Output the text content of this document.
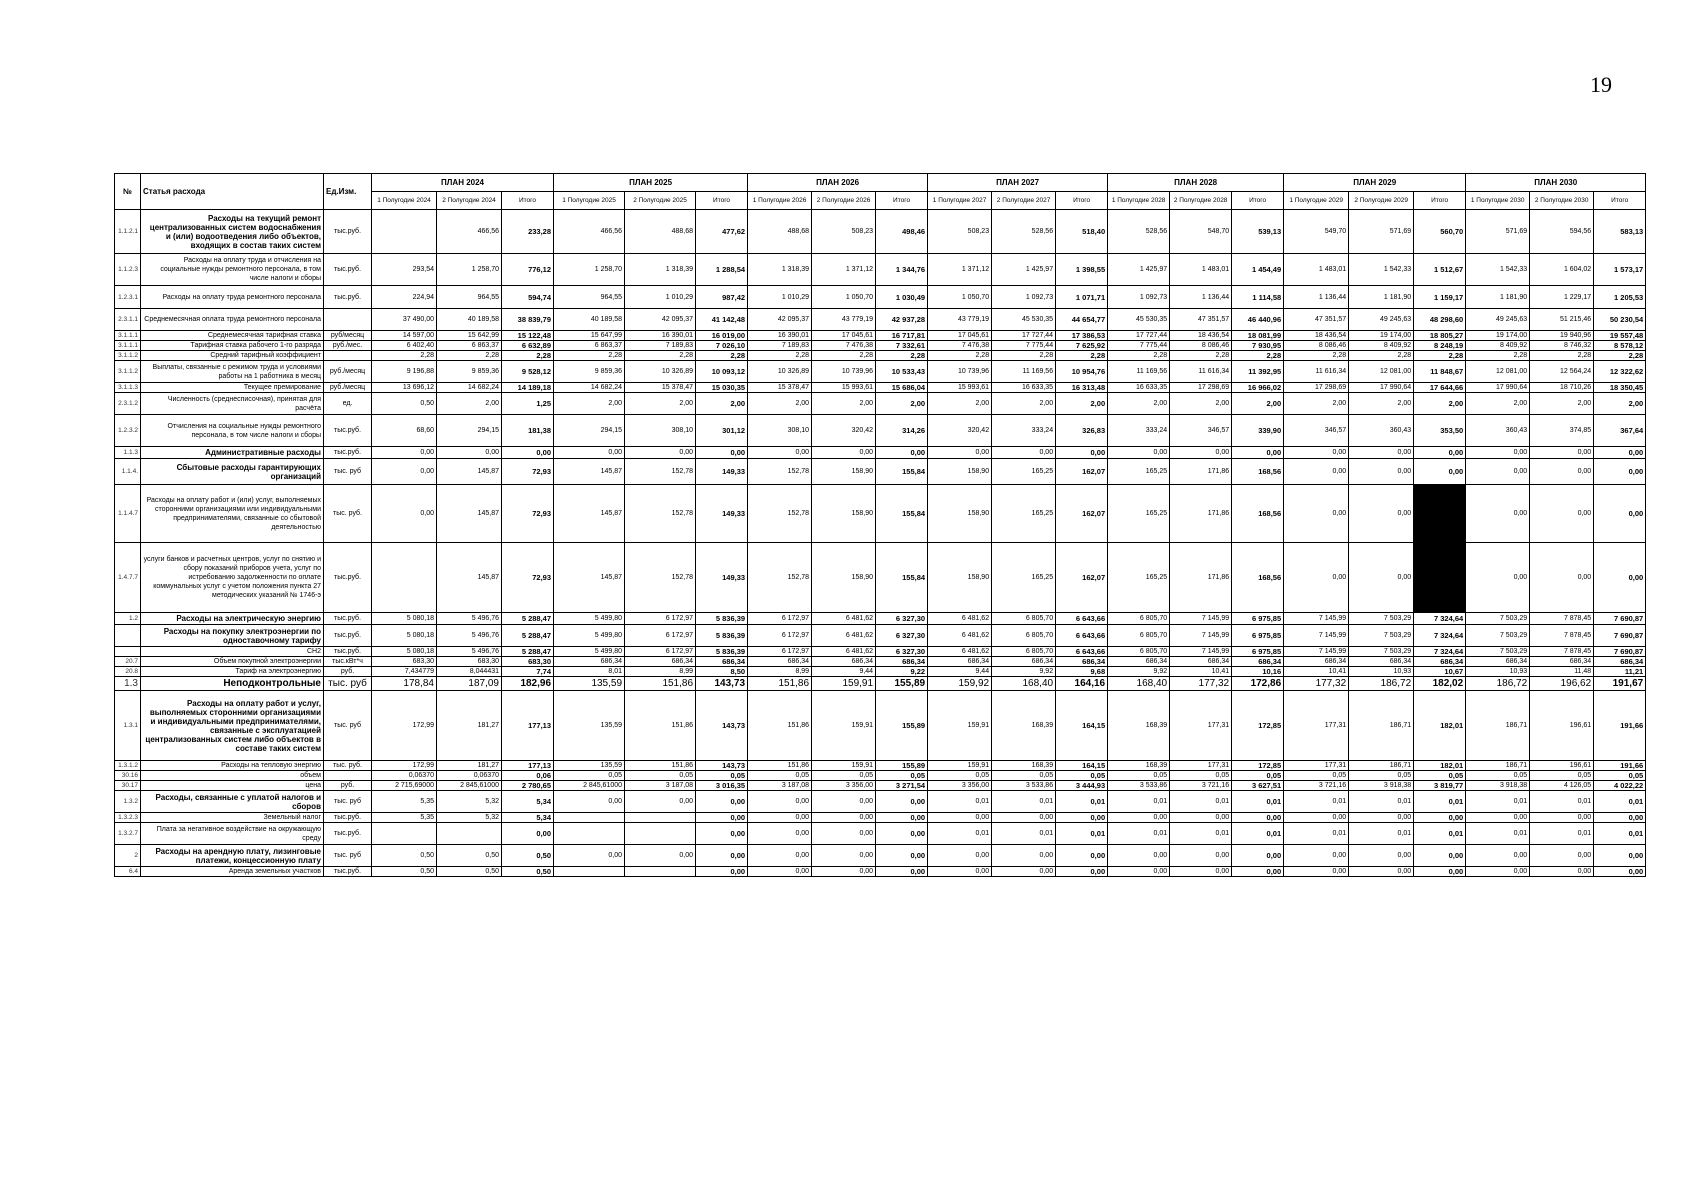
19
№	Статья расхода	Ед.Изм.	ПЛАН 2024			ПЛАН 2025			ПЛАН 2026			ПЛАН 2027			ПЛАН 2028			ПЛАН 2029			ПЛАН 2030		
			1 Полугодие 2024	2 Полугодие 2024	Итого	1 Полугодие 2025	2 Полугодие 2025	Итого	1 Полугодие 2026	2 Полугодие 2026	Итого	1 Полугодие 2027	2 Полугодие 2027	Итого	1 Полугодие 2028	2 Полугодие 2028	Итого	1 Полугодие 2029	2 Полугодие 2029	Итого	1 Полугодие 2030	2 Полугодие 2030	Итого
1.1.2.1	Расходы на текущий ремонт централизованных систем водоснабжения и (или) водоотведения либо объектов, входящих в состав таких систем	тыс.руб.		466,56	233,28	466,56	488,68	477,62	488,68	508,23	498,46	508,23	528,56	518,40	528,56	548,70	539,13	549,70	571,69	560,70	571,69	594,56	583,13
1.1.2.3	Расходы на оплату труда и отчисления на социальные нужды ремонтного персонала, в том числе налоги и сборы	тыс.руб.	293,54	1 258,70	776,12	1 258,70	1 318,39	1 288,54	1 318,39	1 371,12	1 344,76	1 371,12	1 425,97	1 398,55	1 425,97	1 483,01	1 454,49	1 483,01	1 542,33	1 512,67	1 542,33	1 604,02	1 573,17
1.2.3.1	Расходы на оплату труда ремонтного персонала	тыс.руб.	224,94	964,55	594,74	964,55	1 010,29	987,42	1 010,29	1 050,70	1 030,49	1 050,70	1 092,73	1 071,71	1 092,73	1 136,44	1 114,58	1 136,44	1 181,90	1 159,17	1 181,90	1 229,17	1 205,53
2.3.1.1	Среднемесячная оплата труда ремонтного персонала		37 490,00	40 189,58	38 839,79	40 189,58	42 095,37	41 142,48	42 095,37	43 779,19	42 937,28	43 779,19	45 530,35	44 654,77	45 530,35	47 351,57	46 440,96	47 351,57	49 245,63	48 298,60	49 245,63	51 215,46	50 230,54
3.1.1.1	Среднемесячная тарифная ставка	руб/месяц	14 597,00	15 642,99	15 122,48	15 647,99	16 390,01	16 019,00	16 390,01	17 045,61	16 717,81	17 045,61	17 727,44	17 386,53	17 727,44	18 436,54	18 081,99	18 436,54	19 174,00	18 805,27	19 174,00	19 940,96	19 557,48
3.1.1.1	Тарифная ставка рабочего 1-го разряда	руб./мес.	6 402,40	6 863,37	6 632,89	6 863,37	7 189,83	7 026,10	7 189,83	7 476,38	7 332,61	7 476,38	7 775,44	7 625,92	7 775,44	8 086,46	7 930,95	8 086,46	8 409,92	8 248,19	8 409,92	8 746,32	8 578,12
3.1.1.2	Средний тарифный коэффициент		2,28	2,28	2,28	2,28	2,28	2,28	2,28	2,28	2,28	2,28	2,28	2,28	2,28	2,28	2,28	2,28	2,28	2,28	2,28	2,28	2,28
3.1.1.2	Выплаты, связанные с режимом труда и условиями работы на 1 работника в месяц	руб./месяц	9 196,88	9 859,36	9 528,12	9 859,36	10 326,89	10 093,12	10 326,89	10 739,96	10 533,43	10 739,96	11 169,56	10 954,76	11 169,56	11 616,34	11 392,95	11 616,34	12 081,00	11 848,67	12 081,00	12 564,24	12 322,62
3.1.1.3	Текущее премирование	руб./месяц	13 696,12	14 682,24	14 189,18	14 682,24	15 378,47	15 030,35	15 378,47	15 993,61	15 686,04	15 993,61	16 633,35	16 313,48	16 633,35	17 298,69	16 966,02	17 298,69	17 990,64	17 644,66	17 990,64	18 710,26	18 350,45
2.3.1.2	Численность (среднесписочная), принятая для расчёта	ед.	0,50	2,00	1,25	2,00	2,00	2,00	2,00	2,00	2,00	2,00	2,00	2,00	2,00	2,00	2,00	2,00	2,00	2,00	2,00	2,00	2,00
1.2.3.2	Отчисления на социальные нужды ремонтного персонала, в том числе налоги и сборы	тыс.руб.	68,60	294,15	181,38	294,15	308,10	301,12	308,10	320,42	314,26	320,42	333,24	326,83	333,24	346,57	339,90	346,57	360,43	353,50	360,43	374,85	367,64
1.1.3	Административные расходы	тыс.руб.	0,00	0,00	0,00	0,00	0,00	0,00	0,00	0,00	0,00	0,00	0,00	0,00	0,00	0,00	0,00	0,00	0,00	0,00	0,00	0,00	0,00
1.1.4.	Сбытовые расходы гарантирующих организаций	тыс. руб	0,00	145,87	72,93	145,87	152,78	149,33	152,78	158,90	155,84	158,90	165,25	162,07	165,25	171,86	168,56	0,00	0,00	0,00	0,00	0,00	0,00
1.1.4.7	Расходы на оплату работ и (или) услуг, выполняемых сторонними организациями или индивидуальными предпринимателями, связанные со сбытовой деятельностью	тыс. руб.	0,00	145,87	72,93	145,87	152,78	149,33	152,78	158,90	155,84	158,90	165,25	162,07	165,25	171,86	168,56	0,00	0,00		0,00	0,00	0,00
1.4.7.7	услуги банков и расчетных центров, услуг по снятию и сбору показаний приборов учета, услуг по истребованию задолженности по оплате коммунальных услуг с учетом положения пункта 27 методических указаний № 1746-э	тыс.руб.		145,87	72,93	145,87	152,78	149,33	152,78	158,90	155,84	158,90	165,25	162,07	165,25	171,86	168,56	0,00	0,00		0,00	0,00	0,00
1.2	Расходы на электрическую энергию	тыс.руб.	5 080,18	5 496,76	5 288,47	5 499,80	6 172,97	5 836,39	6 172,97	6 481,62	6 327,30	6 481,62	6 805,70	6 643,66	6 805,70	7 145,99	6 975,85	7 145,99	7 503,29	7 324,64	7 503,29	7 878,45	7 690,87
	Расходы на покупку электроэнергии по одноставочному тарифу	тыс.руб.	5 080,18	5 496,76	5 288,47	5 499,80	6 172,97	5 836,39	6 172,97	6 481,62	6 327,30	6 481,62	6 805,70	6 643,66	6 805,70	7 145,99	6 975,85	7 145,99	7 503,29	7 324,64	7 503,29	7 878,45	7 690,87
	СН2	тыс.руб.	5 080,18	5 496,76	5 288,47	5 499,80	6 172,97	5 836,39	6 172,97	6 481,62	6 327,30	6 481,62	6 805,70	6 643,66	6 805,70	7 145,99	6 975,85	7 145,99	7 503,29	7 324,64	7 503,29	7 878,45	7 690,87
20.7	Объем покупной электроэнергии	тыс.кВт*ч	683,30	683,30	683,30	686,34	686,34	686,34	686,34	686,34	686,34	686,34	686,34	686,34	686,34	686,34	686,34	686,34	686,34	686,34	686,34	686,34	686,34
20.8	Тариф на электроэнергию	руб.	7,434779	8,044431	7,74	8,01	8,99	8,50	8,99	9,44	9,22	9,44	9,92	9,68	9,92	10,41	10,16	10,41	10,93	10,67	10,93	11,48	11,21
1.3	Неподконтрольные	тыс. руб	178,84	187,09	182,96	135,59	151,86	143,73	151,86	159,91	155,89	159,92	168,40	164,16	168,40	177,32	172,86	177,32	186,72	182,02	186,72	196,62	191,67
1.3.1	Расходы на оплату работ и услуг, выполняемых сторонними организациями и индивидуальными предпринимателями, связанные с эксплуатацией централизованных систем либо объектов в составе таких систем	тыс. руб	172,99	181,27	177,13	135,59	151,86	143,73	151,86	159,91	155,89	159,91	168,39	164,15	168,39	177,31	172,85	177,31	186,71	182,01	186,71	196,61	191,66
1.3.1.2	Расходы на тепловую энергию	тыс. руб.	172,99	181,27	177,13	135,59	151,86	143,73	151,86	159,91	155,89	159,91	168,39	164,15	168,39	177,31	172,85	177,31	186,71	182,01	186,71	196,61	191,66
30.16	объем		0,06370	0,06370	0,06	0,05	0,05	0,05	0,05	0,05	0,05	0,05	0,05	0,05	0,05	0,05	0,05	0,05	0,05	0,05	0,05	0,05	0,05
30.17	цена	руб.	2 715,69000	2 845,61000	2 780,65	2 845,61000	3 187,08	3 016,35	3 187,08	3 356,00	3 271,54	3 356,00	3 533,86	3 444,93	3 533,86	3 721,16	3 627,51	3 721,16	3 918,38	3 819,77	3 918,38	4 126,05	4 022,22
1.3.2	Расходы, связанные с уплатой налогов и сборов	тыс. руб	5,35	5,32	5,34	0,00	0,00	0,00	0,00	0,00	0,00	0,01	0,01	0,01	0,01	0,01	0,01	0,01	0,01	0,01	0,01	0,01	0,01
1.3.2.3	Земельный налог	тыс.руб.	5,35	5,32	5,34			0,00	0,00	0,00	0,00	0,00	0,00	0,00	0,00	0,00	0,00	0,00	0,00	0,00	0,00	0,00	0,00
1.3.2.7	Плата за негативное воздействие на окружающую среду	тыс.руб.			0,00			0,00	0,00	0,00	0,00	0,01	0,01	0,01	0,01	0,01	0,01	0,01	0,01	0,01	0,01	0,01	0,01
2	Расходы на арендную плату, лизинговые платежи, концессионную плату	тыс. руб	0,50	0,50	0,50	0,00	0,00	0,00	0,00	0,00	0,00	0,00	0,00	0,00	0,00	0,00	0,00	0,00	0,00	0,00	0,00	0,00	0,00
6.4	Аренда земельных участков	тыс.руб.	0,50	0,50	0,50			0,00	0,00	0,00	0,00	0,00	0,00	0,00	0,00	0,00	0,00	0,00	0,00	0,00	0,00	0,00	0,00
